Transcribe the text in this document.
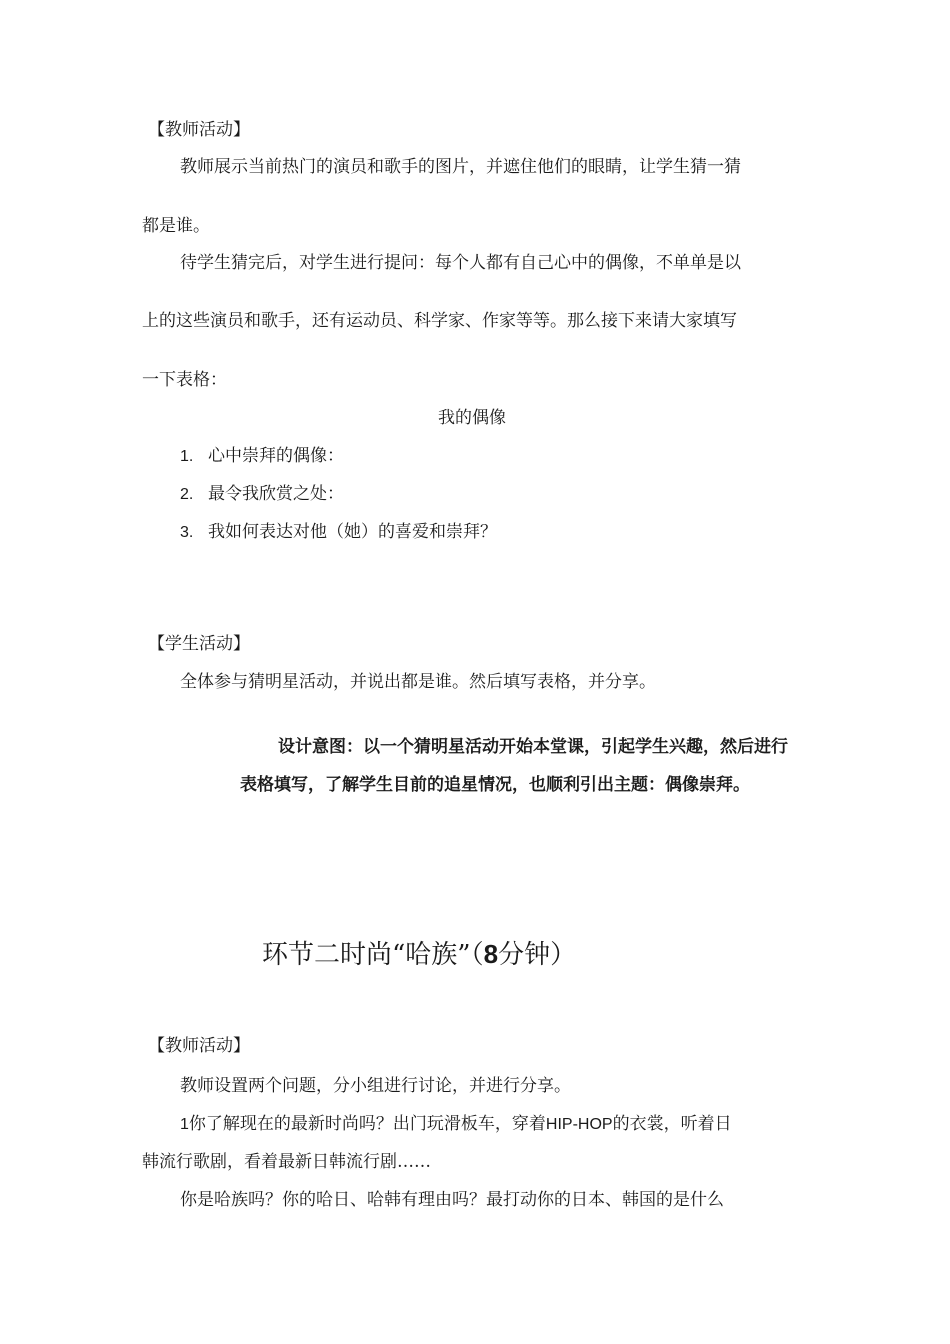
【教师活动】
教师展示当前热门的演员和歌手的图片，并遮住他们的眼睛，让学生猜一猜
都是谁。
待学生猜完后，对学生进行提问：每个人都有自己心中的偶像，不单单是以
上的这些演员和歌手，还有运动员、科学家、作家等等。那么接下来请大家填写
一下表格：
我的偶像
1. 心中崇拜的偶像：
2. 最令我欣赏之处：
3. 我如何表达对他（她）的喜爱和崇拜？
【学生活动】
全体参与猜明星活动，并说出都是谁。然后填写表格，并分享。
设计意图：以一个猜明星活动开始本堂课，引起学生兴趣，然后进行表格填写，了解学生目前的追星情况，也顺利引出主题：偶像崇拜。
环节二时尚“哈族”（8分钟）
【教师活动】
教师设置两个问题，分小组进行讨论，并进行分享。
1你了解现在的最新时尚吗？出门玩滑板车，穿着HIP-HOP的衣裳，听着日
韩流行歌剧，看着最新日韩流行剧……
你是哈族吗？你的哈日、哈韩有理由吗？最打动你的日本、韩国的是什么
